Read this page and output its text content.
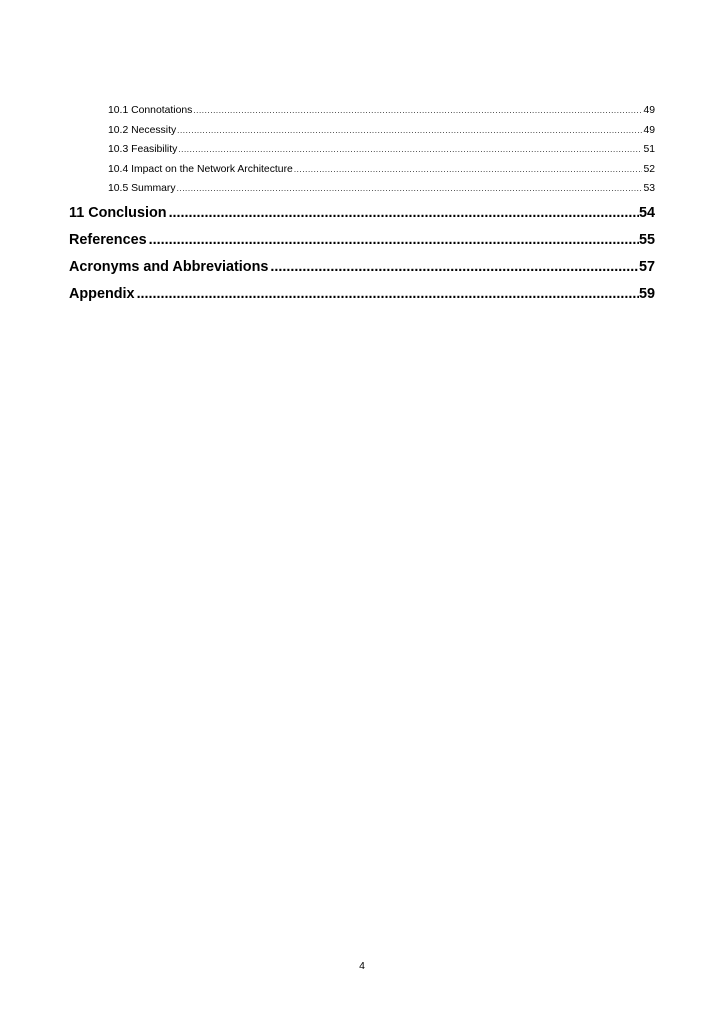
10.1 Connotations .....	49
10.2 Necessity .....	49
10.3 Feasibility .....	51
10.4 Impact on the Network Architecture .....	52
10.5 Summary .....	53
11 Conclusion .....	54
References .....	55
Acronyms and Abbreviations .....	57
Appendix .....	59
4
